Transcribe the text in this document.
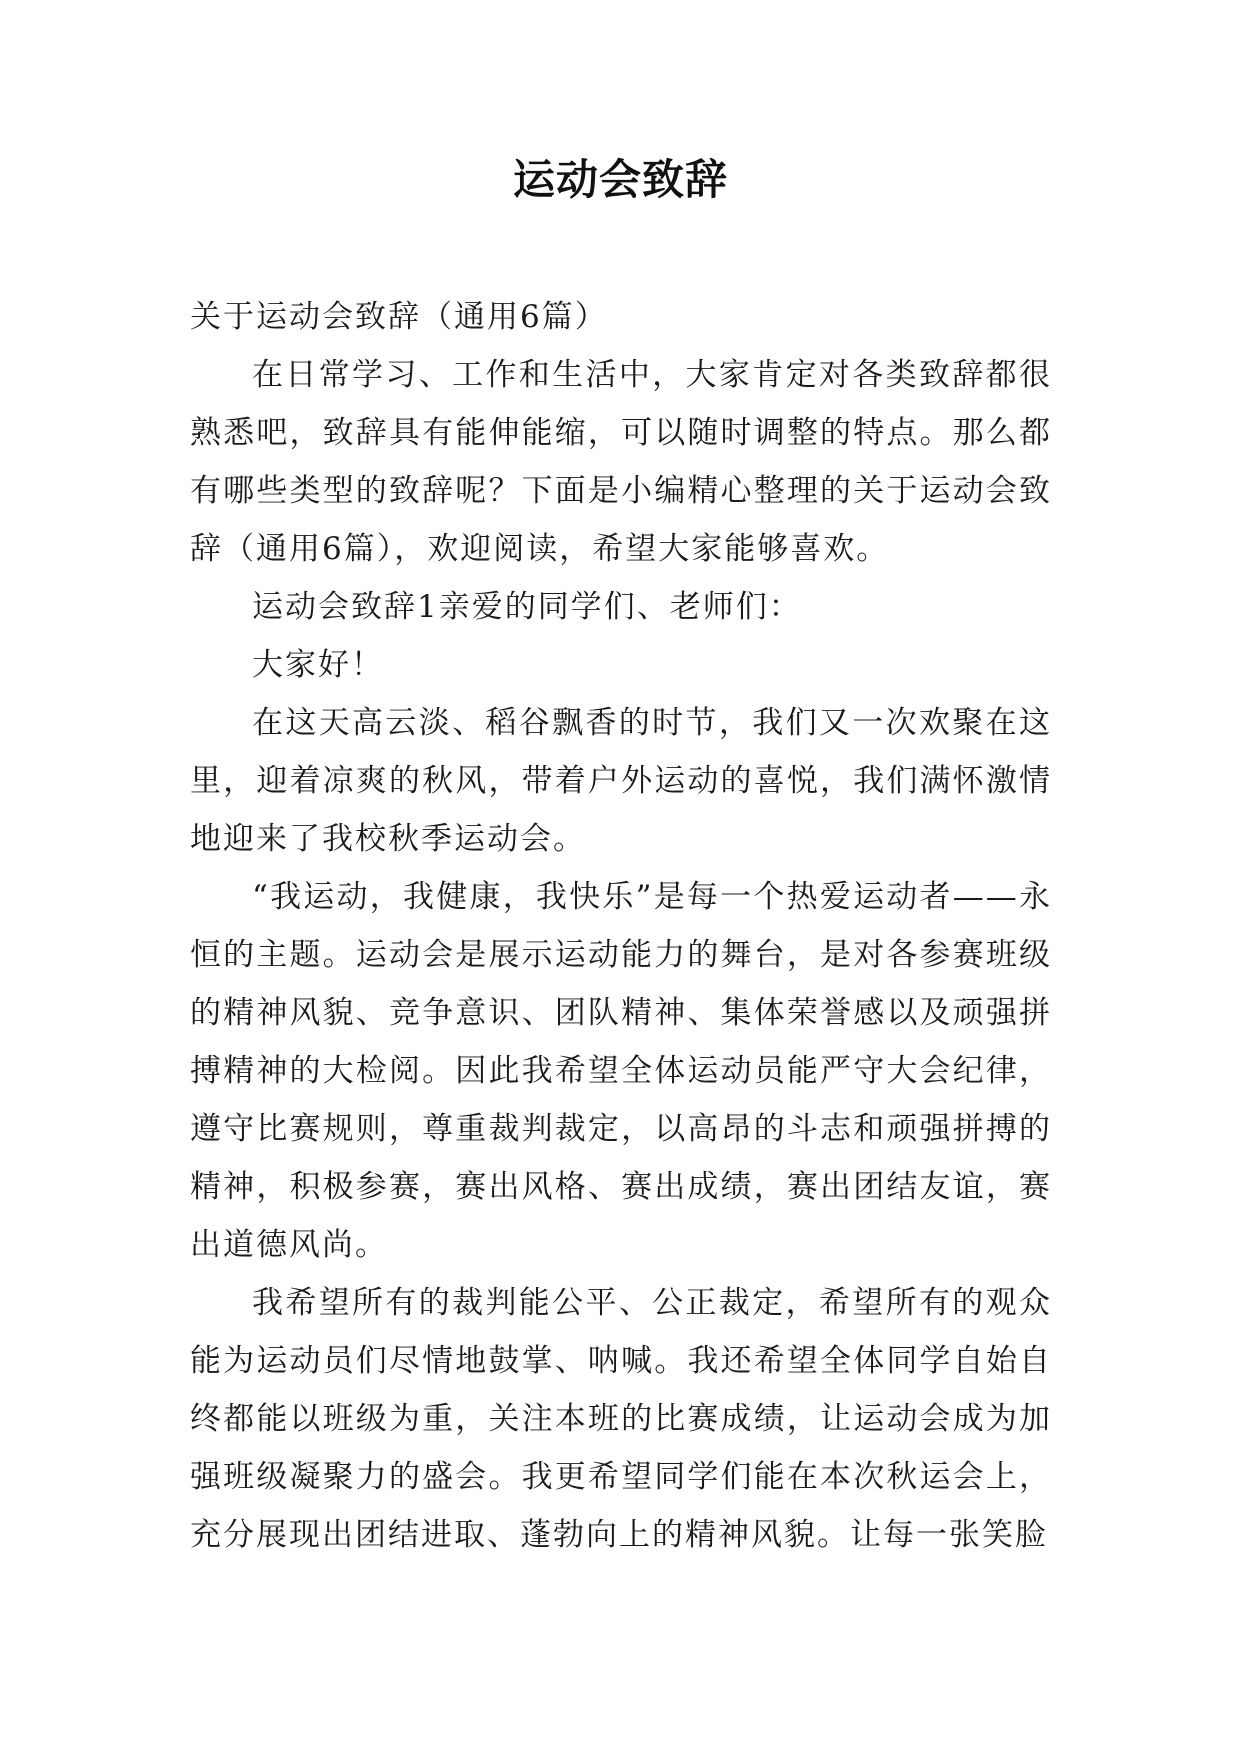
运动会致辞

关于运动会致辞（通用6篇）

在日常学习、工作和生活中，大家肯定对各类致辞都很熟悉吧，致辞具有能伸能缩，可以随时调整的特点。那么都有哪些类型的致辞呢？下面是小编精心整理的关于运动会致辞（通用6篇），欢迎阅读，希望大家能够喜欢。

运动会致辞1亲爱的同学们、老师们：

大家好！

在这天高云淡、稻谷飘香的时节，我们又一次欢聚在这里，迎着凉爽的秋风，带着户外运动的喜悦，我们满怀激情地迎来了我校秋季运动会。

“我运动，我健康，我快乐”是每一个热爱运动者——永恒的主题。运动会是展示运动能力的舞台，是对各参赛班级的精神风貌、竞争意识、团队精神、集体荣誉感以及顽强拼搏精神的大检阅。因此我希望全体运动员能严守大会纪律，遵守比赛规则，尊重裁判裁定，以高昂的斗志和顽强拼搏的精神，积极参赛，赛出风格、赛出成绩，赛出团结友谊，赛出道德风尚。

我希望所有的裁判能公平、公正裁定，希望所有的观众能为运动员们尽情地鼓掌、呐喊。我还希望全体同学自始自终都能以班级为重，关注本班的比赛成绩，让运动会成为加强班级凝聚力的盛会。我更希望同学们能在本次秋运会上，充分展现出团结进取、蓬勃向上的精神风貌。让每一张笑脸
